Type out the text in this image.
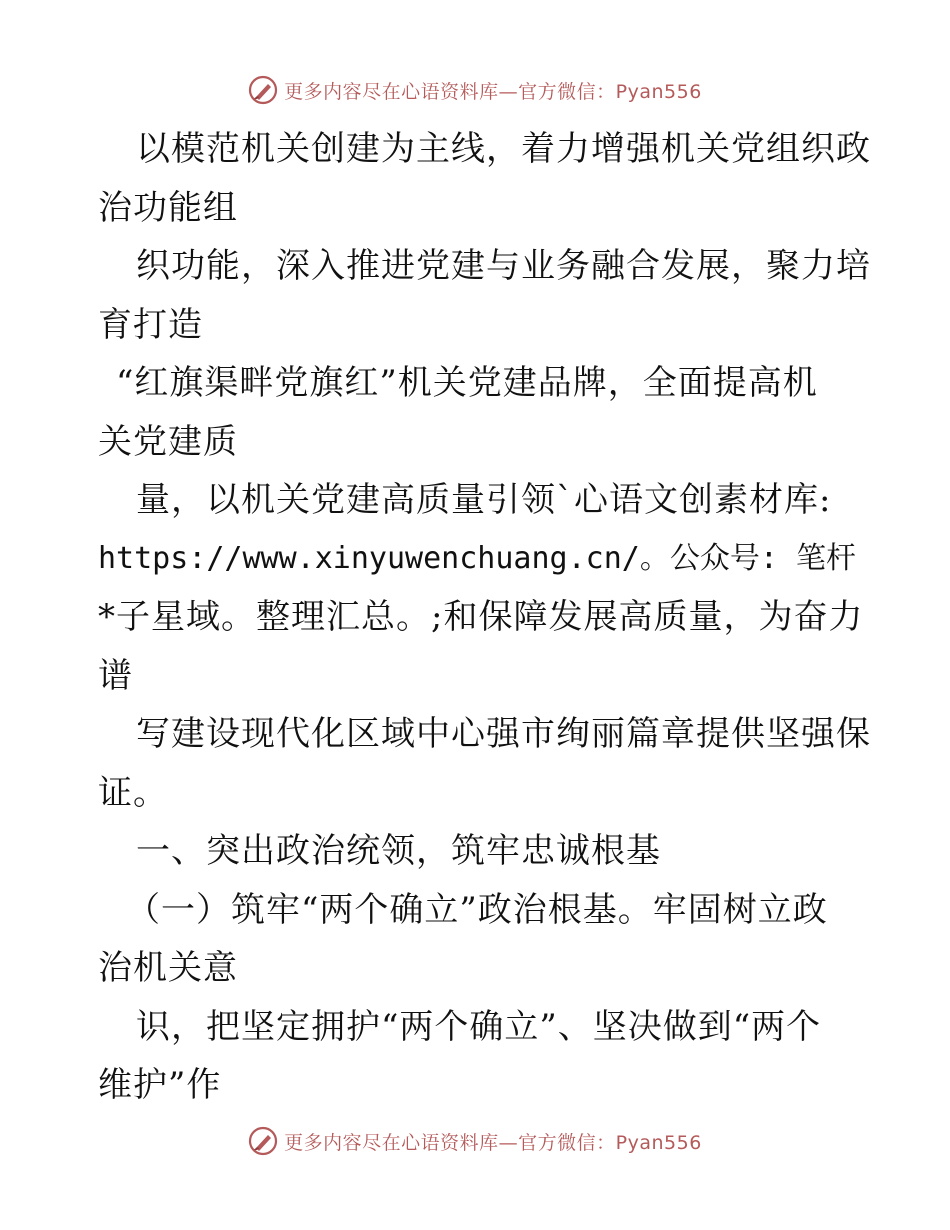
更多内容尽在心语资料库—官方微信：Pyan556
以模范机关创建为主线，着力增强机关党组织政
治功能组
织功能，深入推进党建与业务融合发展，聚力培
育打造
“红旗渠畔党旗红”机关党建品牌，全面提高机
关党建质
量，以机关党建高质量引领`心语文创素材库:
https://www.xinyuwenchuang.cn/。公众号: 笔杆
*子星域。整理汇总。;和保障发展高质量，为奋力
谱
写建设现代化区域中心强市绚丽篇章提供坚强保
证。
一、突出政治统领，筑牢忠诚根基
（一）筑牢“两个确立”政治根基。牢固树立政
治机关意
识，把坚定拥护“两个确立”、坚决做到“两个
维护”作
更多内容尽在心语资料库—官方微信：Pyan556
